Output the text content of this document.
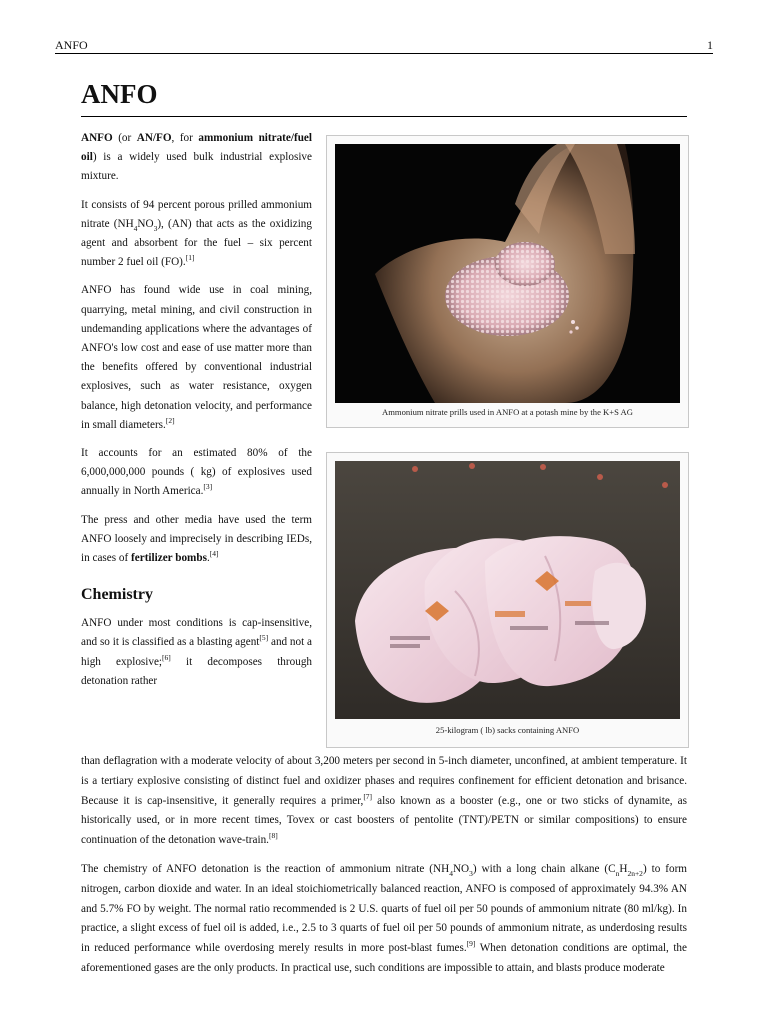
ANFO	1
ANFO

ANFO (or AN/FO, for ammonium nitrate/fuel oil) is a widely used bulk industrial explosive mixture.

It consists of 94 percent porous prilled ammonium nitrate $(NH_4NO_3)$, (AN) that acts as the oxidizing agent and absorbent for the fuel – six percent number 2 fuel oil (FO).[1]

ANFO has found wide use in coal mining, quarrying, metal mining, and civil construction in undemanding applications where the advantages of ANFO's low cost and ease of use matter more than the benefits offered by conventional industrial explosives, such as water resistance, oxygen balance, high detonation velocity, and performance in small diameters.[2]

It accounts for an estimated 80% of the 6,000,000,000 pounds ( kg) of explosives used annually in North America.[3]

The press and other media have used the term ANFO loosely and imprecisely in describing IEDs, in cases of fertilizer bombs.[4]

Chemistry

ANFO under most conditions is cap-insensitive, and so it is classified as a blasting agent[5] and not a high explosive;[6] it decomposes through detonation rather

than deflagration with a moderate velocity of about 3,200 meters per second in 5-inch diameter, unconfined, at ambient temperature. It is a tertiary explosive consisting of distinct fuel and oxidizer phases and requires confinement for efficient detonation and brisance. Because it is cap-insensitive, it generally requires a primer,[7] also known as a booster (e.g., one or two sticks of dynamite, as historically used, or in more recent times, Tovex or cast boosters of pentolite (TNT)/PETN or similar compositions) to ensure continuation of the detonation wave-train.[8]

The chemistry of ANFO detonation is the reaction of ammonium nitrate $(NH_4NO_3)$ with a long chain alkane $(C_nH_{2n+2})$ to form nitrogen, carbon dioxide and water. In an ideal stoichiometrically balanced reaction, ANFO is composed of approximately 94.3% AN and 5.7% FO by weight. The normal ratio recommended is 2 U.S. quarts of fuel oil per 50 pounds of ammonium nitrate (80 ml/kg). In practice, a slight excess of fuel oil is added, i.e., 2.5 to 3 quarts of fuel oil per 50 pounds of ammonium nitrate, as underdosing results in reduced performance while overdosing merely results in more post-blast fumes.[9] When detonation conditions are optimal, the aforementioned gases are the only products. In practical use, such conditions are impossible to attain, and blasts produce moderate

Ammonium nitrate prills used in ANFO at a potash mine by the K+S AG
25-kilogram ( lb) sacks containing ANFO
